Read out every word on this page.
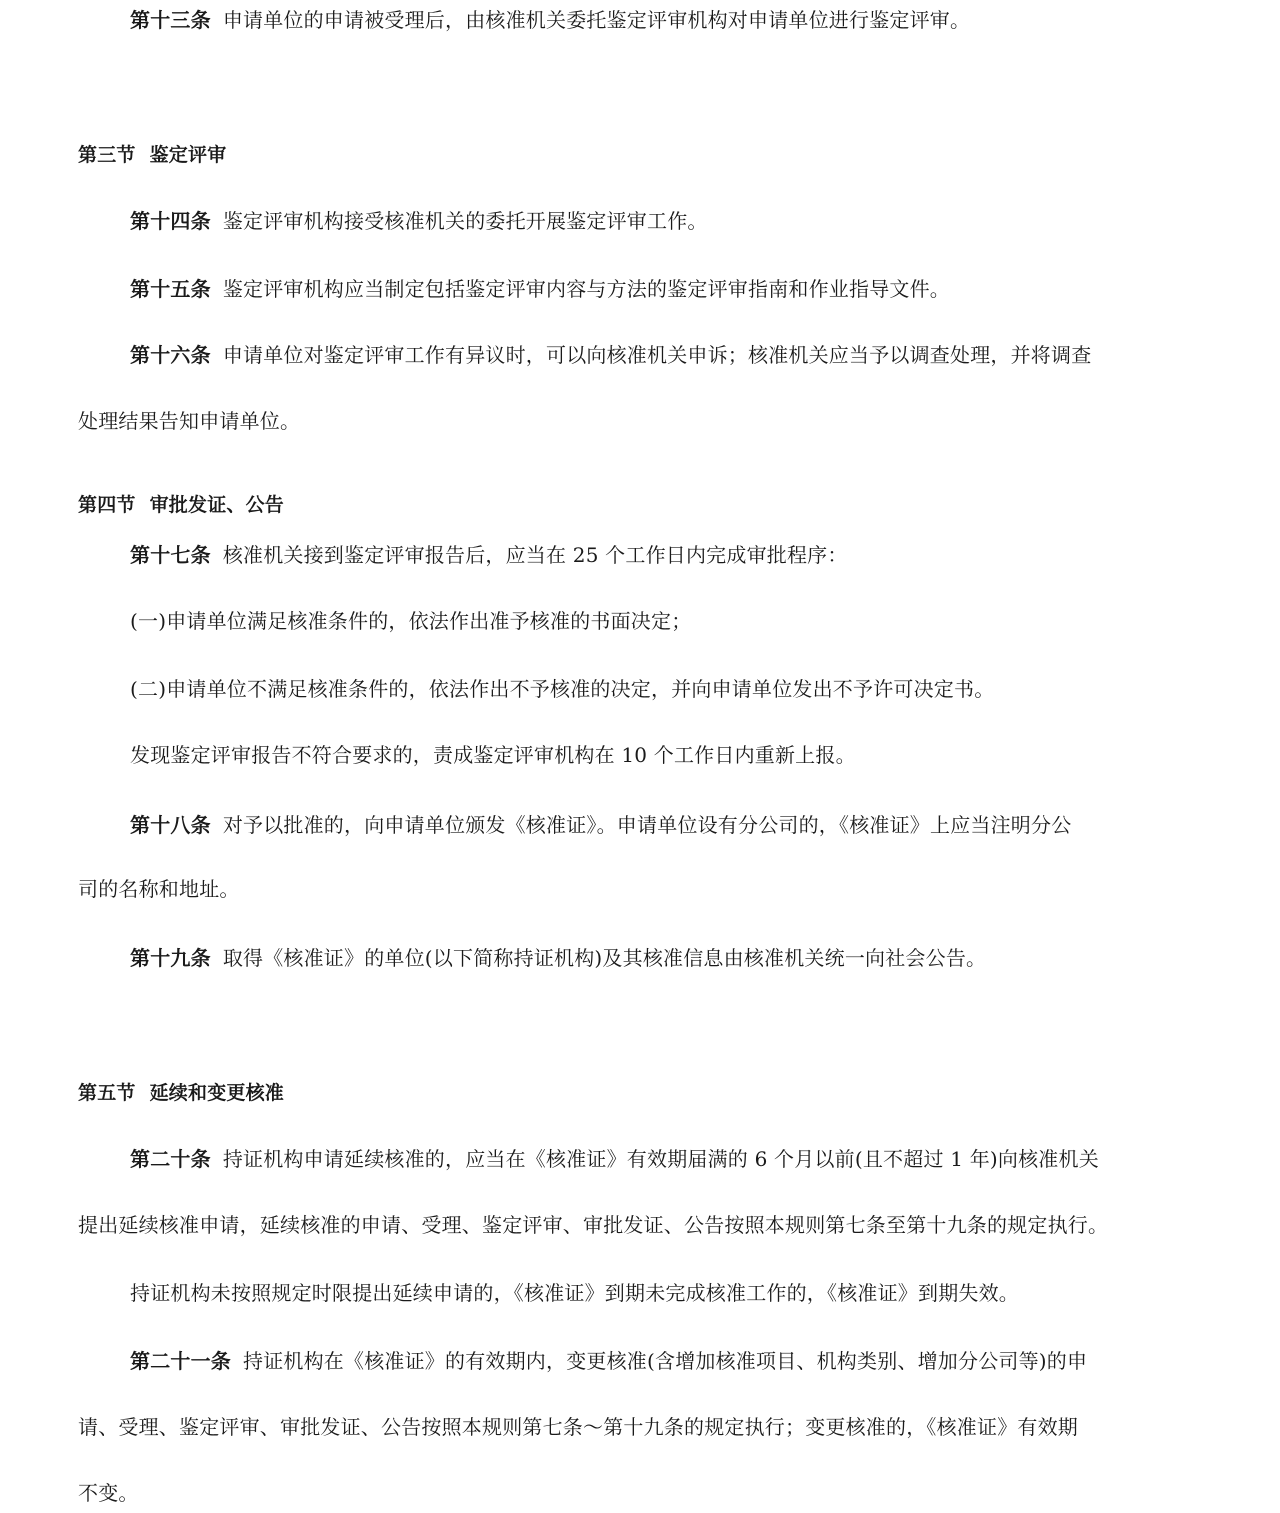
第十三条 申请单位的申请被受理后，由核准机关委托鉴定评审机构对申请单位进行鉴定评审。
第三节 鉴定评审
第十四条 鉴定评审机构接受核准机关的委托开展鉴定评审工作。
第十五条 鉴定评审机构应当制定包括鉴定评审内容与方法的鉴定评审指南和作业指导文件。
第十六条 申请单位对鉴定评审工作有异议时，可以向核准机关申诉；核准机关应当予以调查处理，并将调查
处理结果告知申请单位。
第四节 审批发证、公告
第十七条 核准机关接到鉴定评审报告后，应当在 25 个工作日内完成审批程序：
(一)申请单位满足核准条件的，依法作出准予核准的书面决定；
(二)申请单位不满足核准条件的，依法作出不予核准的决定，并向申请单位发出不予许可决定书。
发现鉴定评审报告不符合要求的，责成鉴定评审机构在 10 个工作日内重新上报。
第十八条 对予以批准的，向申请单位颁发《核准证》。申请单位设有分公司的，《核准证》上应当注明分公
司的名称和地址。
第十九条 取得《核准证》的单位(以下简称持证机构)及其核准信息由核准机关统一向社会公告。
第五节 延续和变更核准
第二十条 持证机构申请延续核准的，应当在《核准证》有效期届满的 6 个月以前(且不超过 1 年)向核准机关
提出延续核准申请，延续核准的申请、受理、鉴定评审、审批发证、公告按照本规则第七条至第十九条的规定执行。
持证机构未按照规定时限提出延续申请的，《核准证》到期未完成核准工作的，《核准证》到期失效。
第二十一条 持证机构在《核准证》的有效期内，变更核准(含增加核准项目、机构类别、增加分公司等)的申
请、受理、鉴定评审、审批发证、公告按照本规则第七条～第十九条的规定执行；变更核准的，《核准证》有效期
不变。
